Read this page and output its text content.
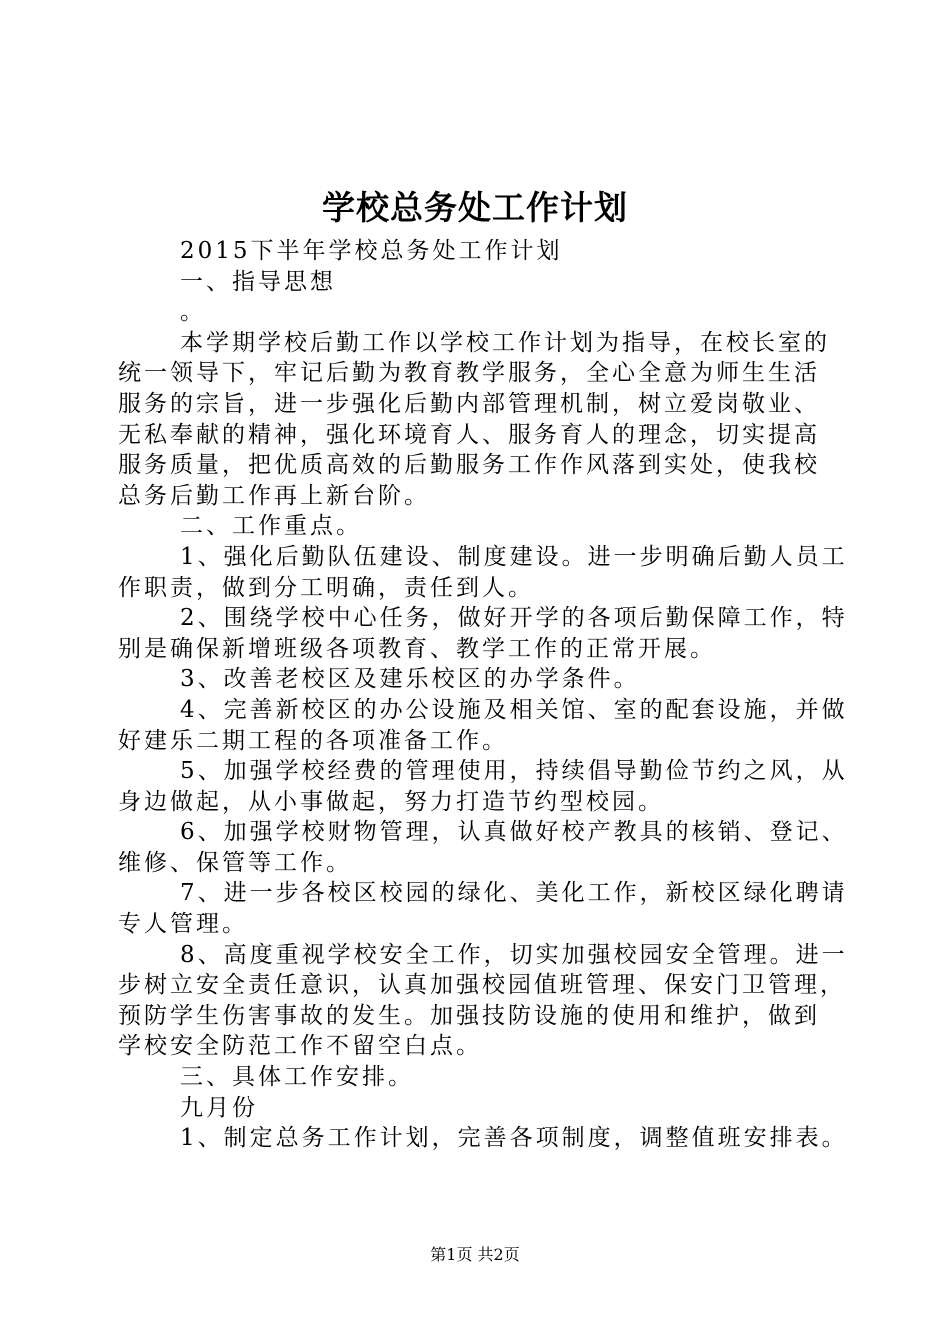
学校总务处工作计划
2015下半年学校总务处工作计划
一、指导思想
。
本学期学校后勤工作以学校工作计划为指导，在校长室的
统一领导下，牢记后勤为教育教学服务，全心全意为师生生活
服务的宗旨，进一步强化后勤内部管理机制，树立爱岗敬业、
无私奉献的精神，强化环境育人、服务育人的理念，切实提高
服务质量，把优质高效的后勤服务工作作风落到实处，使我校
总务后勤工作再上新台阶。
二、工作重点。
1、强化后勤队伍建设、制度建设。进一步明确后勤人员工
作职责，做到分工明确，责任到人。
2、围绕学校中心任务，做好开学的各项后勤保障工作，特
别是确保新增班级各项教育、教学工作的正常开展。
3、改善老校区及建乐校区的办学条件。
4、完善新校区的办公设施及相关馆、室的配套设施，并做
好建乐二期工程的各项准备工作。
5、加强学校经费的管理使用，持续倡导勤俭节约之风，从
身边做起，从小事做起，努力打造节约型校园。
6、加强学校财物管理，认真做好校产教具的核销、登记、
维修、保管等工作。
7、进一步各校区校园的绿化、美化工作，新校区绿化聘请
专人管理。
8、高度重视学校安全工作，切实加强校园安全管理。进一
步树立安全责任意识，认真加强校园值班管理、保安门卫管理，
预防学生伤害事故的发生。加强技防设施的使用和维护，做到
学校安全防范工作不留空白点。
三、具体工作安排。
九月份
1、制定总务工作计划，完善各项制度，调整值班安排表。
第1页 共2页
